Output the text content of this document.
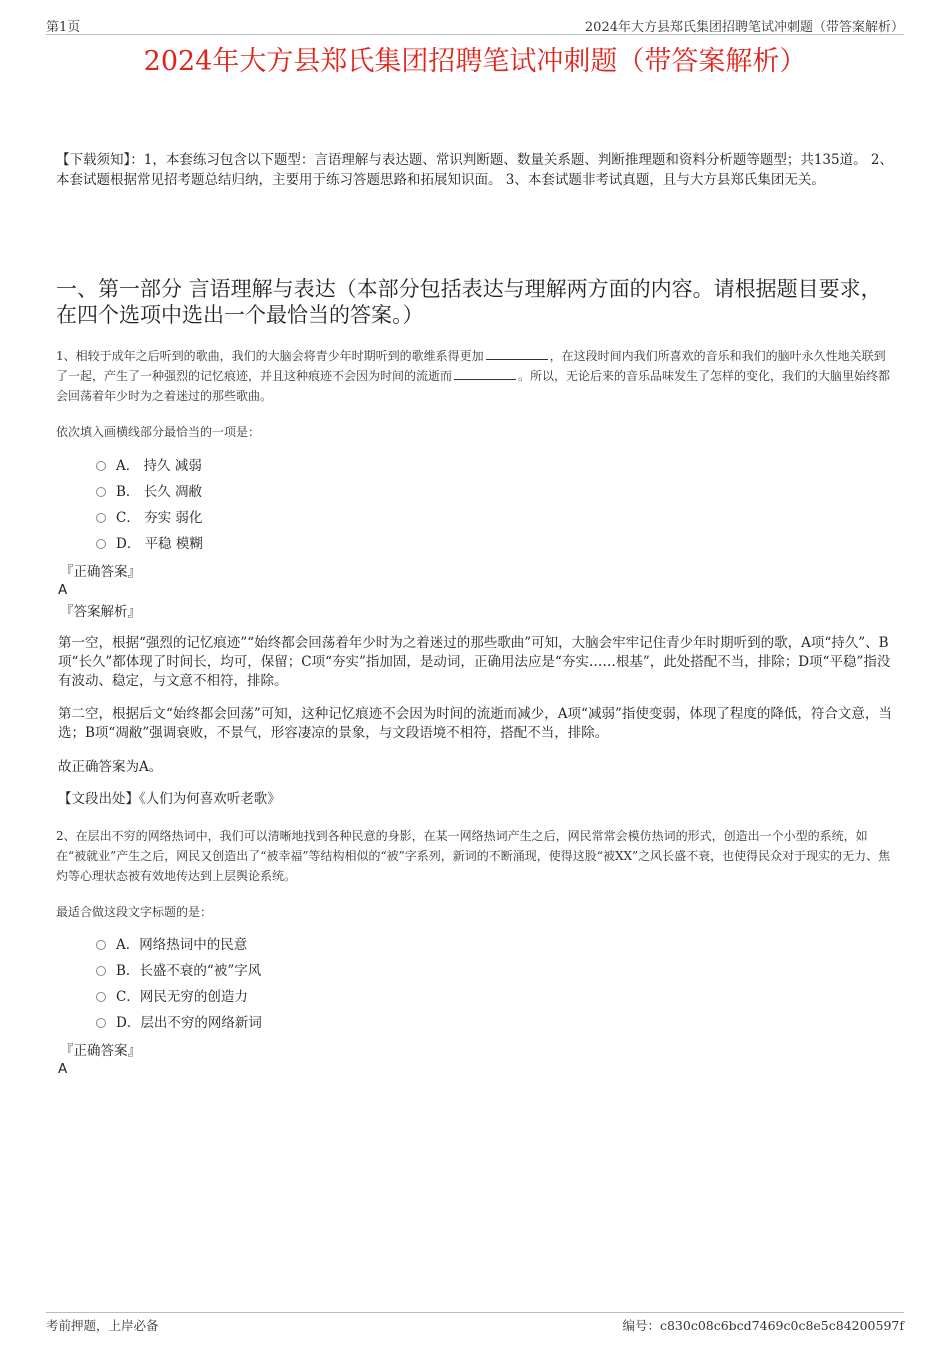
第1页	2024年大方县郑氏集团招聘笔试冲刺题（带答案解析）
2024年大方县郑氏集团招聘笔试冲刺题（带答案解析）
【下载须知】：1，本套练习包含以下题型：言语理解与表达题、常识判断题、数量关系题、判断推理题和资料分析题等题型；共135道。 2、本套试题根据常见招考题总结归纳，主要用于练习答题思路和拓展知识面。 3、本套试题非考试真题，且与大方县郑氏集团无关。
一、第一部分 言语理解与表达（本部分包括表达与理解两方面的内容。请根据题目要求，在四个选项中选出一个最恰当的答案。）
1、相较于成年之后听到的歌曲，我们的大脑会将青少年时期听到的歌维系得更加	，在这段时间内我们所喜欢的音乐和我们的脑叶永久性地关联到了一起，产生了一种强烈的记忆痕迹，并且这种痕迹不会因为时间的流逝而	。所以，无论后来的音乐品味发生了怎样的变化，我们的大脑里始终都会回荡着年少时为之着迷过的那些歌曲。
依次填入画横线部分最恰当的一项是：
A． 持久 减弱
B． 长久 凋敝
C． 夯实 弱化
D． 平稳 模糊
『正确答案』
A
『答案解析』
第一空，根据“强烈的记忆痕迹”“始终都会回荡着年少时为之着迷过的那些歌曲”可知，大脑会牢牢记住青少年时期听到的歌，A项“持久”、B项“长久”都体现了时间长，均可，保留；C项“夯实”指加固，是动词，正确用法应是“夯实……根基”，此处搭配不当，排除；D项“平稳”指没有波动、稳定，与文意不相符，排除。
第二空，根据后文“始终都会回荡”可知，这种记忆痕迹不会因为时间的流逝而减少，A项“减弱”指使变弱，体现了程度的降低，符合文意，当选；B项“凋敝”强调衰败，不景气，形容凄凉的景象，与文段语境不相符，搭配不当，排除。
故正确答案为A。
【文段出处】《人们为何喜欢听老歌》
2、在层出不穷的网络热词中，我们可以清晰地找到各种民意的身影，在某一网络热词产生之后，网民常常会模仿热词的形式，创造出一个小型的系统，如在“被就业”产生之后，网民又创造出了“被幸福”等结构相似的“被”字系列，新词的不断涌现，使得这股“被XX”之风长盛不衰，也使得民众对于现实的无力、焦灼等心理状态被有效地传达到上层舆论系统。
最适合做这段文字标题的是：
A．网络热词中的民意
B．长盛不衰的“被”字风
C．网民无穷的创造力
D．层出不穷的网络新词
『正确答案』
A
考前押题，上岸必备	编号：c830c08c6bcd7469c0c8e5c84200597f
